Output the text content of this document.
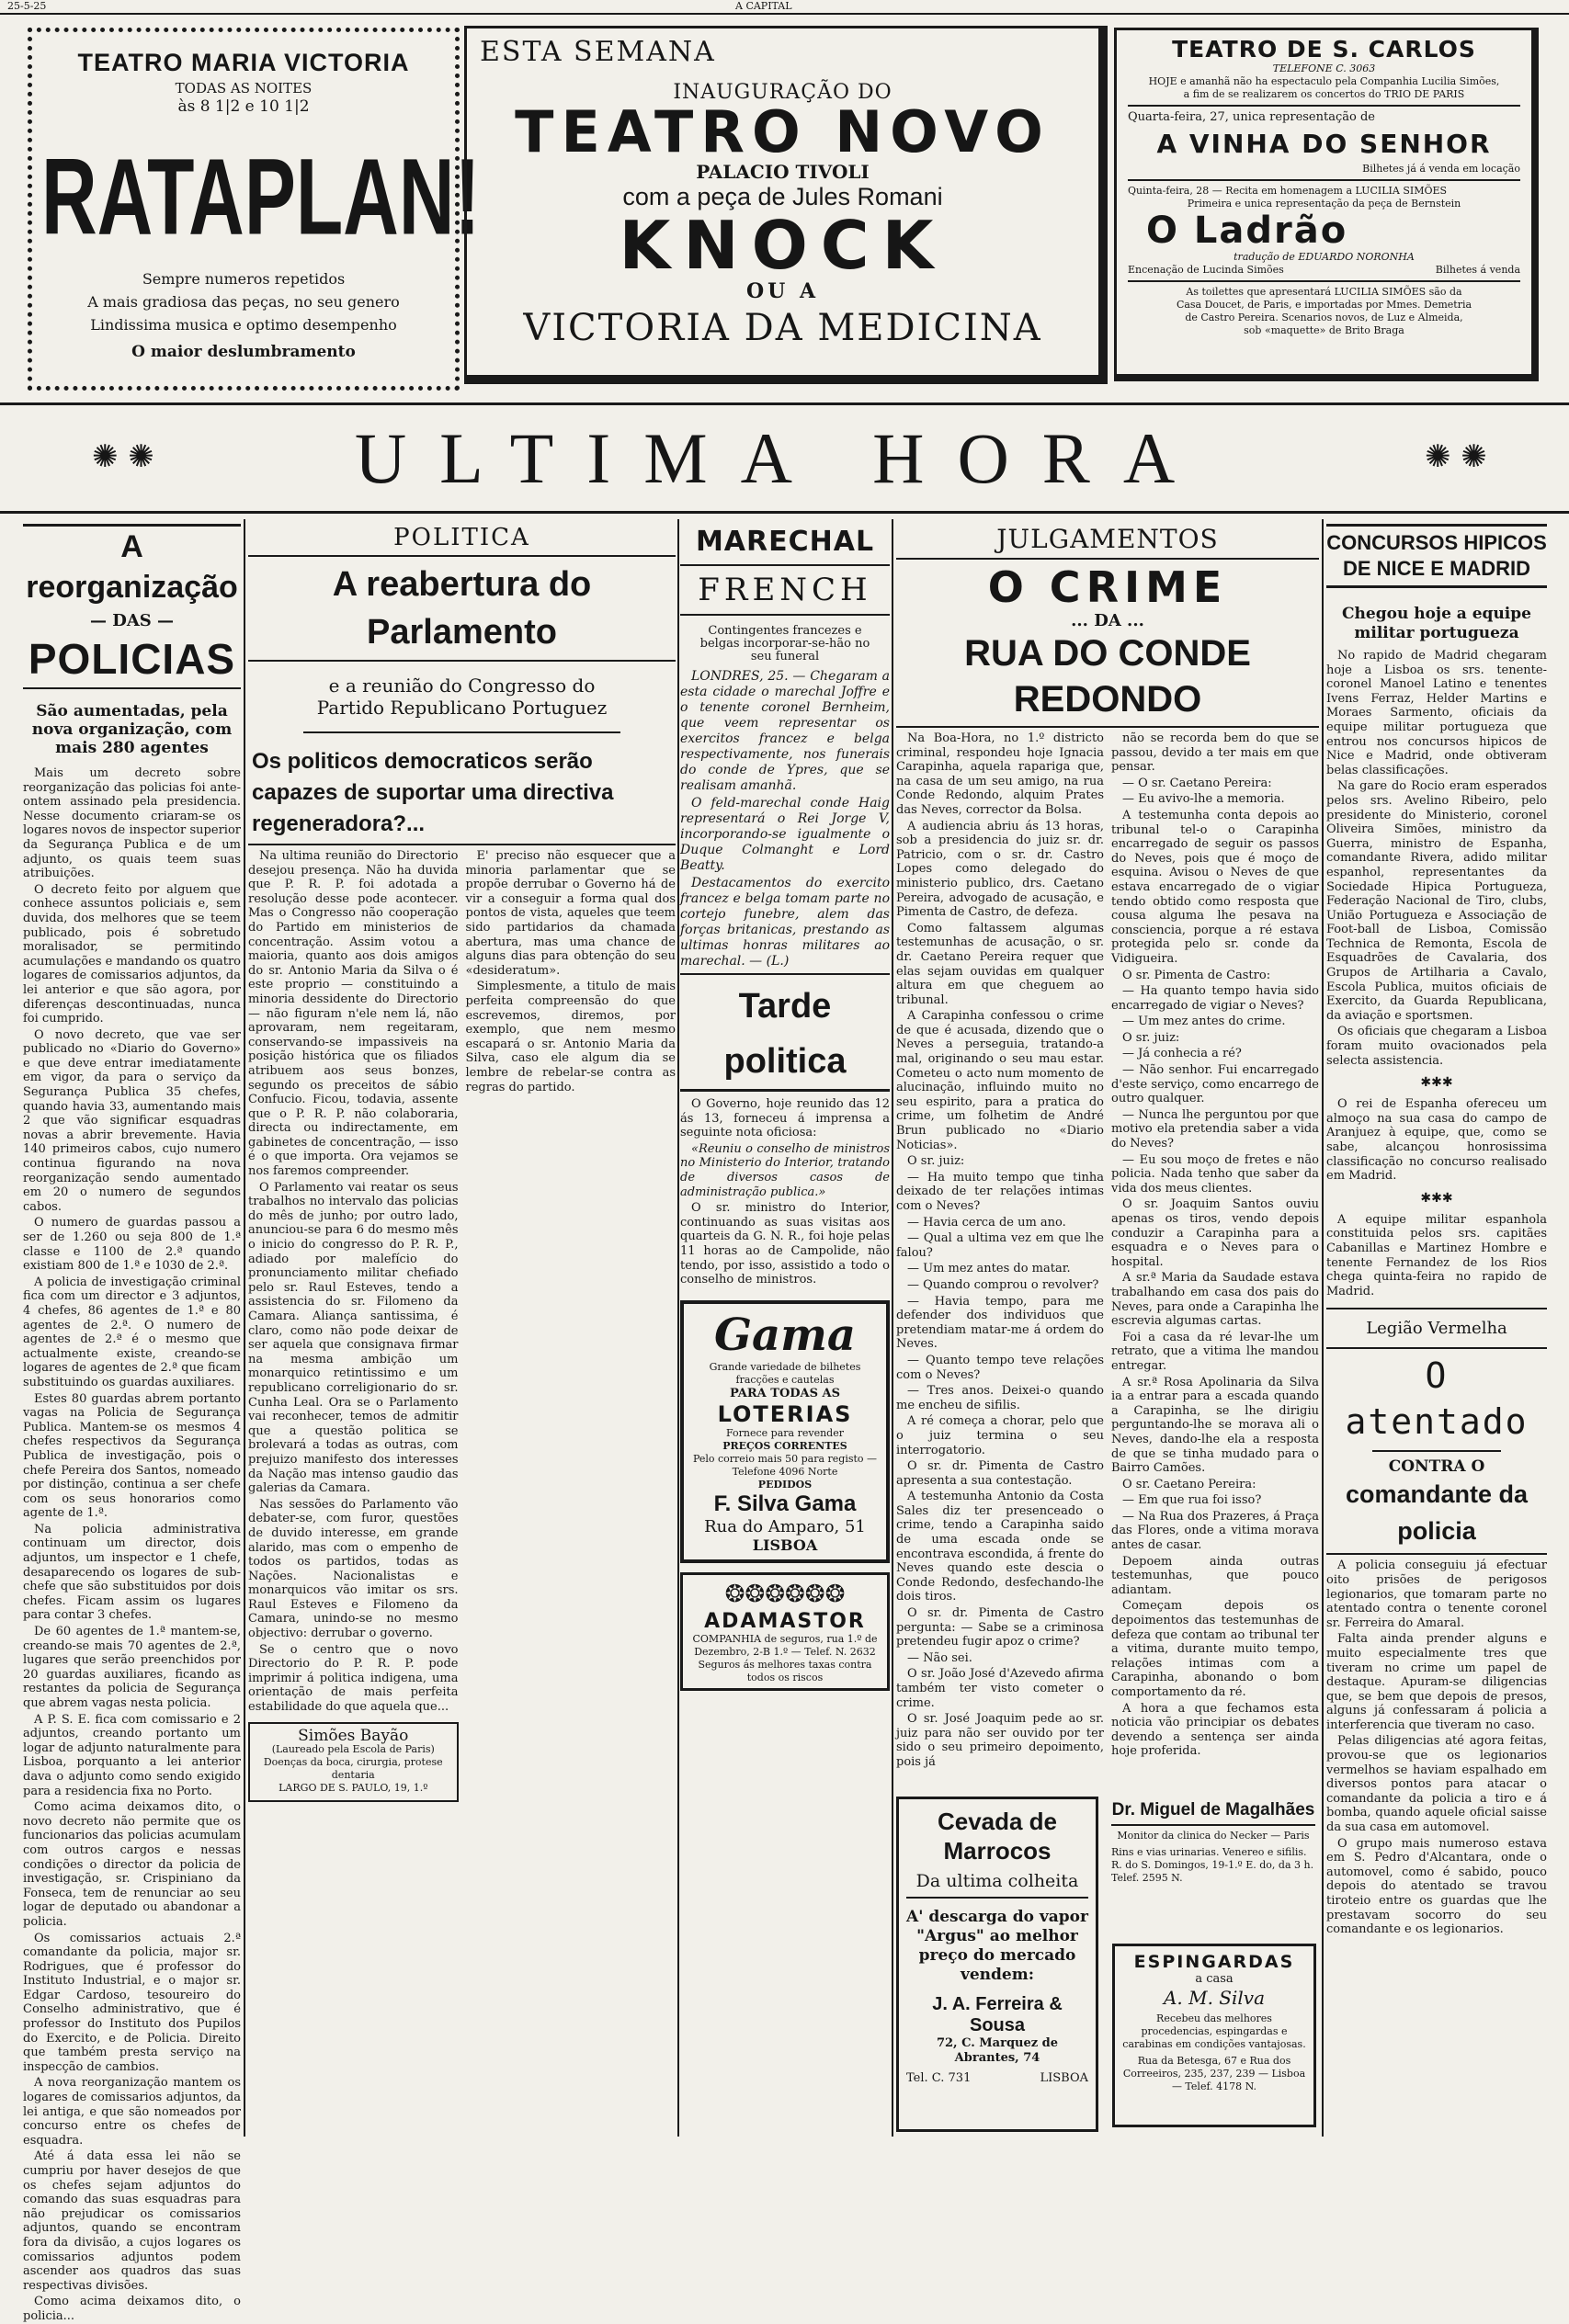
25-5-25	A CAPITAL
TEATRO MARIA VICTORIA
TODAS AS NOITES
às 8 1|2 e 10 1|2
RATAPLAN!
Sempre numeros repetidos
A mais gradiosa das peças, no seu genero
Lindissima musica e optimo desempenho
O maior deslumbramento
ESTA SEMANA
INAUGURAÇÃO DO
TEATRO NOVO
PALACIO TIVOLI
com a peça de Jules Romani
KNOCK
OU A
VICTORIA DA MEDICINA
TEATRO DE S. CARLOS
TELEFONE C. 3063
HOJE e amanhã não ha espectaculo pela Companhia Lucilia Simões,
a fim de se realizarem os concertos do TRIO DE PARIS
Quarta-feira, 27, unica representação de
A VINHA DO SENHOR
Bilhetes já á venda em locação
Quinta-feira, 28 — Recita em homenagem a LUCILIA SIMÕES
Primeira e unica representação da peça de Bernstein
O Ladrão
tradução de EDUARDO NORONHA
Encenação de Lucinda Simões	Bilhetes á venda
As toilettes que apresentará LUCILIA SIMÕES são da
Casa Doucet, de Paris, e importadas por Mmes. Demetria
de Castro Pereira. Scenarios novos, de Luz e Almeida,
sob «maquette» de Brito Braga
✺ ✺	✺ ✺
ULTIMA HORA
A reorganização
— DAS —
POLICIAS
São aumentadas, pela nova organização, com mais 280 agentes

Mais um decreto sobre reorganização das policias foi ante-ontem assinado pela presidencia. Nesse documento criaram-se os logares novos de inspector superior da Segurança Publica e de um adjunto, os quais teem suas atribuições.

O decreto feito por alguem que conhece assuntos policiais e, sem duvida, dos melhores que se teem publicado, pois é sobretudo moralisador, se permitindo acumulações e mandando os quatro logares de comissarios adjuntos, da lei anterior e que são agora, por diferenças descontinuadas, nunca foi cumprido.

O novo decreto, que vae ser publicado no «Diario do Governo» e que deve entrar imediatamente em vigor, da para o serviço da Segurança Publica 35 chefes, quando havia 33, aumentando mais 2 que vão significar esquadras novas a abrir brevemente. Havia 140 primeiros cabos, cujo numero continua figurando na nova reorganização sendo aumentado em 20 o numero de segundos cabos.

O numero de guardas passou a ser de 1.260 ou seja 800 de 1.ª classe e 1100 de 2.ª quando existiam 800 de 1.ª e 1030 de 2.ª.

A policia de investigação criminal fica com um director e 3 adjuntos, 4 chefes, 86 agentes de 1.ª e 80 agentes de 2.ª. O numero de agentes de 2.ª é o mesmo que actualmente existe, creando-se logares de agentes de 2.ª que ficam substituindo os guardas auxiliares.

Estes 80 guardas abrem portanto vagas na Policia de Segurança Publica. Mantem-se os mesmos 4 chefes respectivos da Segurança Publica de investigação, pois o chefe Pereira dos Santos, nomeado por distinção, continua a ser chefe com os seus honorarios como agente de 1.ª.

Na policia administrativa continuam um director, dois adjuntos, um inspector e 1 chefe, desaparecendo os logares de sub-chefe que são substituidos por dois chefes. Ficam assim os lugares para contar 3 chefes.

De 60 agentes de 1.ª mantem-se, creando-se mais 70 agentes de 2.ª, lugares que serão preenchidos por 20 guardas auxiliares, ficando as restantes da policia de Segurança que abrem vagas nesta policia.

A P. S. E. fica com comissario e 2 adjuntos, creando portanto um logar de adjunto naturalmente para Lisboa, porquanto a lei anterior dava o adjunto como sendo exigido para a residencia fixa no Porto.

Como acima deixamos dito, o novo decreto não permite que os funcionarios das policias acumulam com outros cargos e nessas condições o director da policia de investigação, sr. Crispiniano da Fonseca, tem de renunciar ao seu logar de deputado ou abandonar a policia.

Os comissarios actuais 2.ª comandante da policia, major sr. Rodrigues, que é professor do Instituto Industrial, e o major sr. Edgar Cardoso, tesoureiro do Conselho administrativo, que é professor do Instituto dos Pupilos do Exercito, e de Policia. Direito que também presta serviço na inspecção de cambios.

A nova reorganização mantem os logares de comissarios adjuntos, da lei antiga, e que são nomeados por concurso entre os chefes de esquadra.

Até á data essa lei não se cumpriu por haver desejos de que os chefes sejam adjuntos do comando das suas esquadras para não prejudicar os comissarios adjuntos, quando se encontram fora da divisão, a cujos logares os comissarios adjuntos podem ascender aos quadros das suas respectivas divisões.

Como acima deixamos dito, o policia...

POLITICA
A reabertura do Parlamento
e a reunião do Congresso do
Partido Republicano Portuguez
Os politicos democraticos serão capazes de suportar uma directiva regeneradora?...

Na ultima reunião do Directorio desejou presença. Não ha duvida que P. R. P. foi adotada a resolução desse pode acontecer. Mas o Congresso não cooperação do Partido em ministerios de concentração. Assim votou a maioria, quanto aos dois amigos do sr. Antonio Maria da Silva o é este proprio — constituindo a minoria dessidente do Directorio — não figuram n'ele nem lá, não aprovaram, nem regeitaram, conservando-se impassiveis na posição histórica que os filiados atribuem aos seus bonzes, segundo os preceitos de sábio Confucio. Ficou, todavia, assente que o P. R. P. não colaboraria, directa ou indirectamente, em gabinetes de concentração, — isso é o que importa. Ora vejamos se nos faremos compreender.

O Parlamento vai reatar os seus trabalhos no intervalo das policias do mês de junho; por outro lado, anunciou-se para 6 do mesmo mês o inicio do congresso do P. R. P., adiado por malefício do pronunciamento militar chefiado pelo sr. Raul Esteves, tendo a assistencia do sr. Filomeno da Camara. Aliança santissima, é claro, como não pode deixar de ser aquela que consignava firmar na mesma ambição um monarquico retintissimo e um republicano correligionario do sr. Cunha Leal. Ora se o Parlamento vai reconhecer, temos de admitir que a questão politica se brolevará a todas as outras, com prejuizo manifesto dos interesses da Nação mas intenso gaudio das galerias da Camara.

Nas sessões do Parlamento vão debater-se, com furor, questões de duvido interesse, em grande alarido, mas com o empenho de todos os partidos, todas as Nações. Nacionalistas e monarquicos vão imitar os srs. Raul Esteves e Filomeno da Camara, unindo-se no mesmo objectivo: derrubar o governo.

Se o centro que o novo Directorio do P. R. P. pode imprimir á politica indigena, uma orientação de mais perfeita estabilidade do que aquela que...

Simões Bayão
(Laureado pela Escola de Paris) Doenças da boca, cirurgia, protese dentaria
LARGO DE S. PAULO, 19, 1.º

E' preciso não esquecer que a minoria parlamentar que se propõe derrubar o Governo há de vir a conseguir a forma qual dos pontos de vista, aqueles que teem sido partidarios da chamada abertura, mas uma chance de alguns dias para obtenção do seu «desideratum».

Simplesmente, a titulo de mais perfeita compreensão do que escrevemos, diremos, por exemplo, que nem mesmo escapará o sr. Antonio Maria da Silva, caso ele algum dia se lembre de rebelar-se contra as regras do partido.

MARECHAL
FRENCH
Contingentes francezes e belgas incorporar-se-hão no seu funeral

LONDRES, 25. — Chegaram a esta cidade o marechal Joffre e o tenente coronel Bernheim, que veem representar os exercitos francez e belga respectivamente, nos funerais do conde de Ypres, que se realisam amanhã.

O feld-marechal conde Haig representará o Rei Jorge V, incorporando-se igualmente o Duque Colmanght e Lord Beatty.

Destacamentos do exercito francez e belga tomam parte no cortejo funebre, alem das forças britanicas, prestando as ultimas honras militares ao marechal. — (L.)

Tarde politica

O Governo, hoje reunido das 12 ás 13, forneceu á imprensa a seguinte nota oficiosa:

«Reuniu o conselho de ministros no Ministerio do Interior, tratando de diversos casos de administração publica.»

O sr. ministro do Interior, continuando as suas visitas aos quarteis da G. N. R., foi hoje pelas 11 horas ao de Campolide, não tendo, por isso, assistido a todo o conselho de ministros.

Gama
Grande variedade de bilhetes fracções e cautelas
PARA TODAS AS
LOTERIAS
Fornece para revender
PREÇOS CORRENTES
Pelo correio mais 50 para registo — Telefone 4096 Norte
PEDIDOS
F. Silva Gama
Rua do Amparo, 51
LISBOA
❂❂❂❂❂❂
ADAMASTOR
COMPANHIA de seguros, rua 1.º de Dezembro, 2-B 1.º — Telef. N. 2632
Seguros ás melhores taxas contra todos os riscos
JULGAMENTOS
O CRIME
... DA ...
RUA DO CONDE REDONDO

Na Boa-Hora, no 1.º districto criminal, respondeu hoje Ignacia Carapinha, aquela rapariga que, na casa de um seu amigo, na rua Conde Redondo, alquim Prates das Neves, corrector da Bolsa.

A audiencia abriu ás 13 horas, sob a presidencia do juiz sr. dr. Patricio, com o sr. dr. Castro Lopes como delegado do ministerio publico, drs. Caetano Pereira, advogado de acusação, e Pimenta de Castro, de defeza.

Como faltassem algumas testemunhas de acusação, o sr. dr. Caetano Pereira requer que elas sejam ouvidas em qualquer altura em que cheguem ao tribunal.

A Carapinha confessou o crime de que é acusada, dizendo que o Neves a perseguia, tratando-a mal, originando o seu mau estar. Cometeu o acto num momento de alucinação, influindo muito no seu espirito, para a pratica do crime, um folhetim de André Brun publicado no «Diario Noticias».

O sr. juiz:

— Ha muito tempo que tinha deixado de ter relações intimas com o Neves?

— Havia cerca de um ano.

— Qual a ultima vez em que lhe falou?

— Um mez antes do matar.

— Quando comprou o revolver?

— Havia tempo, para me defender dos individuos que pretendiam matar-me á ordem do Neves.

— Quanto tempo teve relações com o Neves?

— Tres anos. Deixei-o quando me encheu de sifilis.

A ré começa a chorar, pelo que o juiz termina o seu interrogatorio.

O sr. dr. Pimenta de Castro apresenta a sua contestação.

A testemunha Antonio da Costa Sales diz ter presenceado o crime, tendo a Carapinha saido de uma escada onde se encontrava escondida, á frente do Neves quando este descia o Conde Redondo, desfechando-lhe dois tiros.

O sr. dr. Pimenta de Castro pergunta: — Sabe se a criminosa pretendeu fugir apoz o crime?

— Não sei.

O sr. João José d'Azevedo afirma também ter visto cometer o crime.

O sr. José Joaquim pede ao sr. juiz para não ser ouvido por ter sido o seu primeiro depoimento, pois já

não se recorda bem do que se passou, devido a ter mais em que pensar.

— O sr. Caetano Pereira:

— Eu avivo-lhe a memoria.

A testemunha conta depois ao tribunal tel-o o Carapinha encarregado de seguir os passos do Neves, pois que é moço de esquina. Avisou o Neves de que estava encarregado de o vigiar tendo obtido como resposta que cousa alguma lhe pesava na consciencia, porque a ré estava protegida pelo sr. conde da Vidigueira.

O sr. Pimenta de Castro:

— Ha quanto tempo havia sido encarregado de vigiar o Neves?

— Um mez antes do crime.

O sr. juiz:

— Já conhecia a ré?

— Não senhor. Fui encarregado d'este serviço, como encarrego de outro qualquer.

— Nunca lhe perguntou por que motivo ela pretendia saber a vida do Neves?

— Eu sou moço de fretes e não policia. Nada tenho que saber da vida dos meus clientes.

O sr. Joaquim Santos ouviu apenas os tiros, vendo depois conduzir a Carapinha para a esquadra e o Neves para o hospital.

A sr.ª Maria da Saudade estava trabalhando em casa dos pais do Neves, para onde a Carapinha lhe escrevia algumas cartas.

Foi a casa da ré levar-lhe um retrato, que a vitima lhe mandou entregar.

A sr.ª Rosa Apolinaria da Silva ia a entrar para a escada quando a Carapinha, se lhe dirigiu perguntando-lhe se morava ali o Neves, dando-lhe ela a resposta de que se tinha mudado para o Bairro Camões.

O sr. Caetano Pereira:

— Em que rua foi isso?

— Na Rua dos Prazeres, á Praça das Flores, onde a vitima morava antes de casar.

Depoem ainda outras testemunhas, que pouco adiantam.

Começam depois os depoimentos das testemunhas de defeza que contam ao tribunal ter a vitima, durante muito tempo, relações intimas com a Carapinha, abonando o bom comportamento da ré.

A hora a que fechamos esta noticia vão principiar os debates devendo a sentença ser ainda hoje proferida.

Cevada de Marrocos
Da ultima colheita
A' descarga do vapor "Argus" ao melhor preço do mercado vendem:
J. A. Ferreira & Sousa
72, C. Marquez de Abrantes, 74
Tel. C. 731	LISBOA
Dr. Miguel de Magalhães
Monitor da clinica do Necker — Paris
Rins e vias urinarias. Venereo e sifilis. R. do S. Domingos, 19-1.º E. do, da 3 h. Telef. 2595 N.
ESPINGARDAS
a casa
A. M. Silva
Recebeu das melhores procedencias, espingardas e carabinas em condições vantajosas.
Rua da Betesga, 67 e Rua dos Correeiros, 235, 237, 239 — Lisboa — Telef. 4178 N.
CONCURSOS HIPICOS
DE NICE E MADRID
Chegou hoje a equipe militar portugueza

No rapido de Madrid chegaram hoje a Lisboa os srs. tenente-coronel Manoel Latino e tenentes Ivens Ferraz, Helder Martins e Moraes Sarmento, oficiais da equipe militar portugueza que entrou nos concursos hipicos de Nice e Madrid, onde obtiveram belas classificações.

Na gare do Rocio eram esperados pelos srs. Avelino Ribeiro, pelo presidente do Ministerio, coronel Oliveira Simões, ministro da Guerra, ministro de Espanha, comandante Rivera, adido militar espanhol, representantes da Sociedade Hipica Portugueza, Federação Nacional de Tiro, clubs, União Portugueza e Associação de Foot-ball de Lisboa, Comissão Technica de Remonta, Escola de Esquadrões de Cavalaria, dos Grupos de Artilharia a Cavalo, Escola Publica, muitos oficiais de Exercito, da Guarda Republicana, da aviação e sportsmen.

Os oficiais que chegaram a Lisboa foram muito ovacionados pela selecta assistencia.

✱✱✱

O rei de Espanha ofereceu um almoço na sua casa do campo de Aranjuez à equipe, que, como se sabe, alcançou honrosissima classificação no concurso realisado em Madrid.

✱✱✱

A equipe militar espanhola constituida pelos srs. capitães Cabanillas e Martinez Hombre e tenente Fernandez de los Rios chega quinta-feira no rapido de Madrid.

Legião Vermelha
O atentado
CONTRA O
comandante da policia

A policia conseguiu já efectuar oito prisões de perigosos legionarios, que tomaram parte no atentado contra o tenente coronel sr. Ferreira do Amaral.

Falta ainda prender alguns e muito especialmente tres que tiveram no crime um papel de destaque. Apuram-se diligencias que, se bem que depois de presos, alguns já confessaram á policia a interferencia que tiveram no caso.

Pelas diligencias até agora feitas, provou-se que os legionarios vermelhos se haviam espalhado em diversos pontos para atacar o comandante da policia a tiro e á bomba, quando aquele oficial saisse da sua casa em automovel.

O grupo mais numeroso estava em S. Pedro d'Alcantara, onde o automovel, como é sabido, pouco depois do atentado se travou tiroteio entre os guardas que lhe prestavam socorro do seu comandante e os legionarios.
